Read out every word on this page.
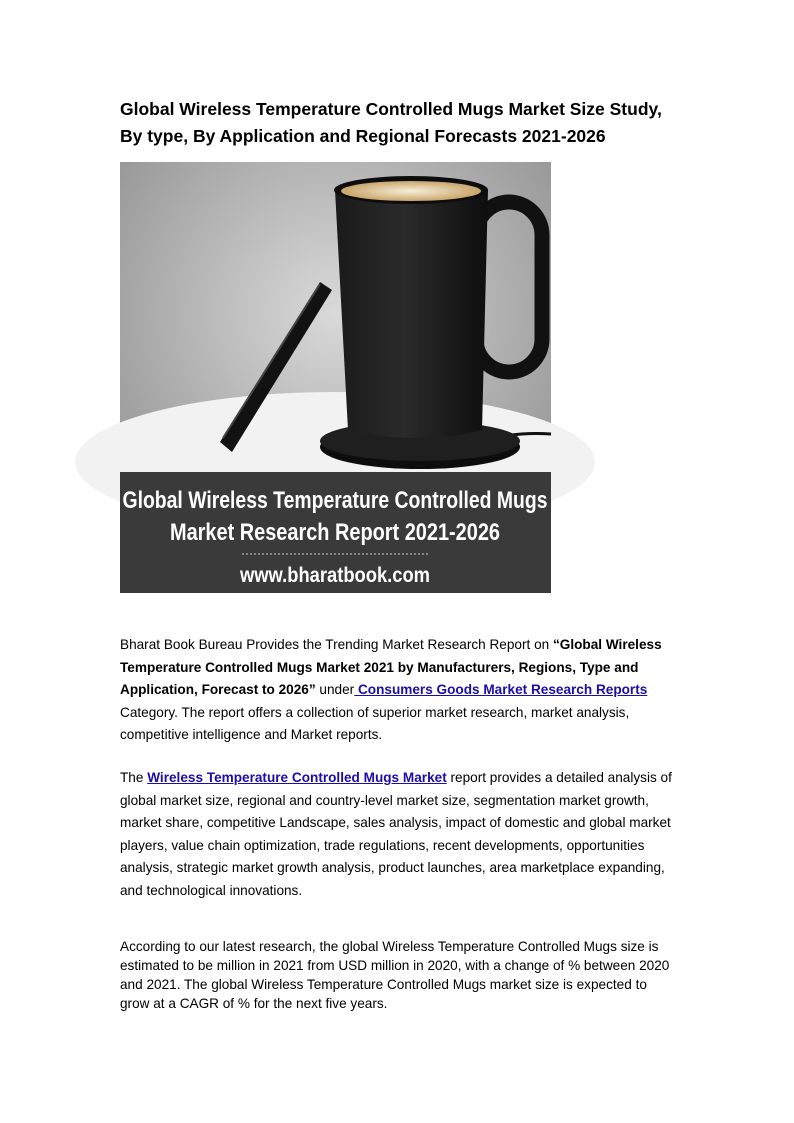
Global Wireless Temperature Controlled Mugs Market Size Study, By type, By Application and Regional Forecasts 2021-2026
Global Wireless Temperature Controlled Mugs
Market Research Report 2021-2026
www.bharatbook.com

Bharat Book Bureau Provides the Trending Market Research Report on “Global Wireless Temperature Controlled Mugs Market 2021 by Manufacturers, Regions, Type and Application, Forecast to 2026” under Consumers Goods Market Research Reports Category. The report offers a collection of superior market research, market analysis, competitive intelligence and Market reports.

The Wireless Temperature Controlled Mugs Market report provides a detailed analysis of global market size, regional and country-level market size, segmentation market growth, market share, competitive Landscape, sales analysis, impact of domestic and global market players, value chain optimization, trade regulations, recent developments, opportunities analysis, strategic market growth analysis, product launches, area marketplace expanding, and technological innovations.

According to our latest research, the global Wireless Temperature Controlled Mugs size is estimated to be million in 2021 from USD million in 2020, with a change of % between 2020 and 2021. The global Wireless Temperature Controlled Mugs market size is expected to grow at a CAGR of % for the next five years.
